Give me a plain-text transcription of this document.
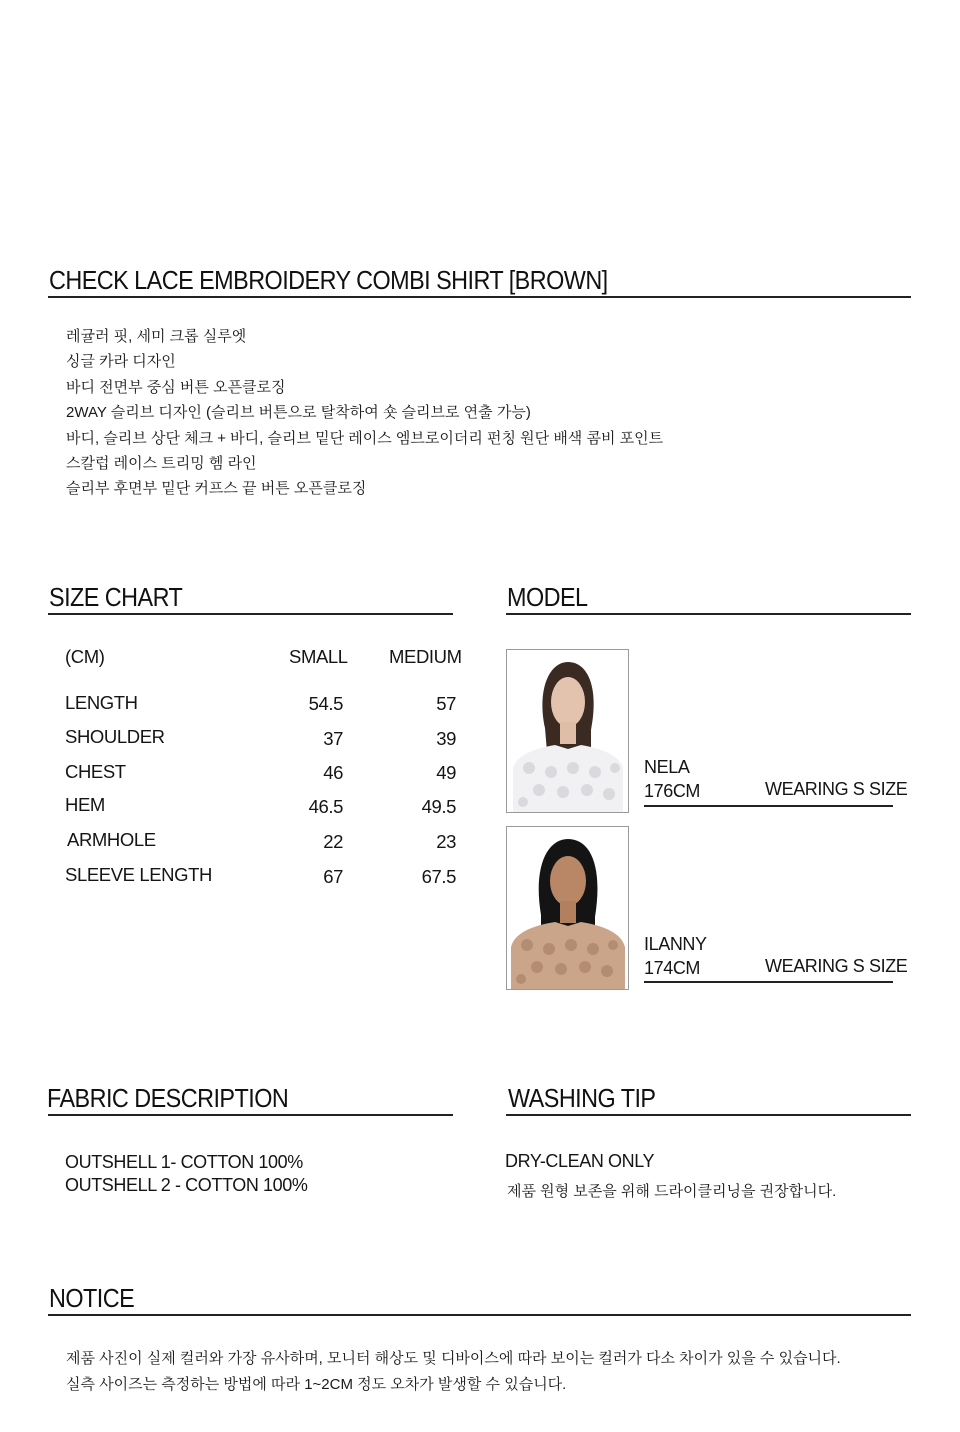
CHECK LACE EMBROIDERY COMBI SHIRT [BROWN]
레귤러 핏, 세미 크롭 실루엣
싱글 카라 디자인
바디 전면부 중심 버튼 오픈클로징
2WAY 슬리브 디자인 (슬리브 버튼으로 탈착하여 숏 슬리브로 연출 가능)
바디, 슬리브 상단 체크 + 바디, 슬리브 밑단 레이스 엠브로이더리 펀칭 원단 배색 콤비 포인트
스칼럽 레이스 트리밍 헴 라인
슬리부 후면부 밑단 커프스 끝 버튼 오픈클로징
SIZE CHART
(CM)	SMALL MEDIUM
LENGTH	54.5	57
SHOULDER	37	39
CHEST	46	49
HEM	46.5	49.5
ARMHOLE	22	23
SLEEVE LENGTH	67	67.5
MODEL
NELA
176CM	WEARING S SIZE
ILANNY
174CM	WEARING S SIZE
FABRIC DESCRIPTION
OUTSHELL 1- COTTON 100%
OUTSHELL 2 - COTTON 100%
WASHING TIP
DRY-CLEAN ONLY
제품 원형 보존을 위해 드라이클리닝을 권장합니다.
NOTICE
제품 사진이 실제 컬러와 가장 유사하며, 모니터 해상도 및 디바이스에 따라 보이는 컬러가 다소 차이가 있을 수 있습니다.
실측 사이즈는 측정하는 방법에 따라 1~2CM 정도 오차가 발생할 수 있습니다.
